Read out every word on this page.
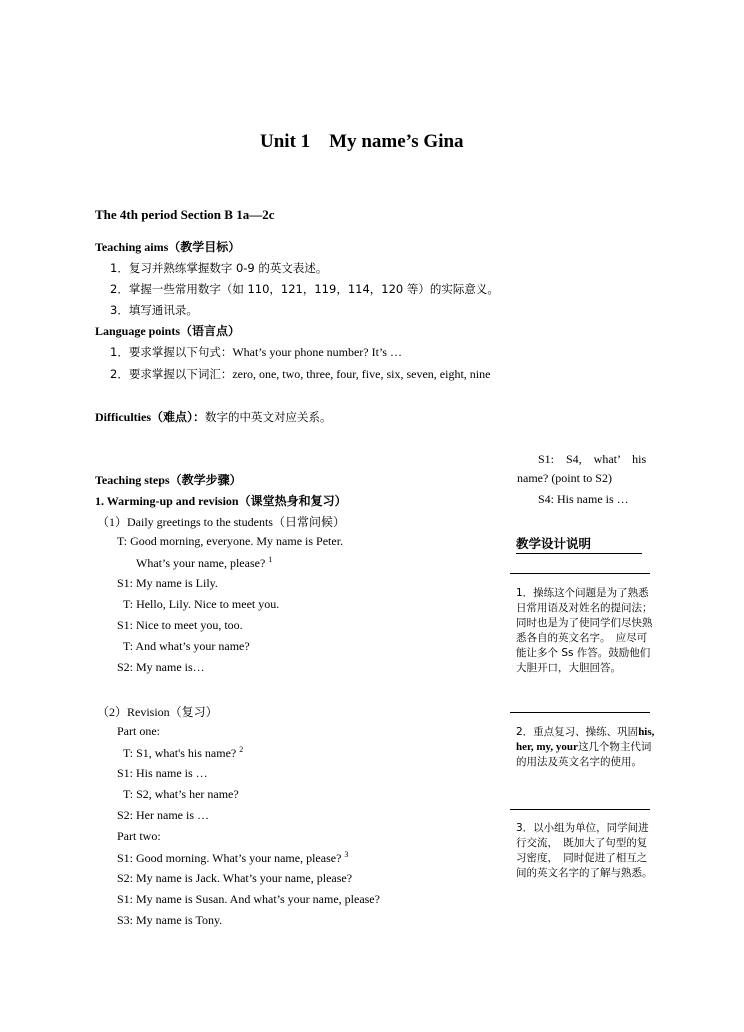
Unit 1　My name’s Gina
The 4th period Section B 1a—2c
Teaching aims（教学目标）
1．复习并熟练掌握数字 0-9 的英文表述。
2．掌握一些常用数字（如 110，121，119，114，120 等）的实际意义。
3．填写通讯录。
Language points（语言点）
1．要求掌握以下句式：What’s your phone number? It’s …
2．要求掌握以下词汇：zero, one, two, three, four, five, six, seven, eight, nine
Difficulties（难点）：数字的中英文对应关系。
S1:　S4,　what’　his
name? (point to S2)
S4: His name is …
Teaching steps（教学步骤）
1. Warming-up and revision（课堂热身和复习）
（1）Daily greetings to the students（日常问候）
T: Good morning, everyone. My name is Peter.
What’s your name, please? $^1$
S1: My name is Lily.
T: Hello, Lily. Nice to meet you.
S1: Nice to meet you, too.
T: And what’s your name?
S2: My name is…
（2）Revision（复习）
Part one:
T: S1, what's his name? $^2$
S1: His name is …
T: S2, what’s her name?
S2: Her name is …
Part two:
S1: Good morning. What’s your name, please? $^3$
S2: My name is Jack. What’s your name, please?
S1: My name is Susan. And what’s your name, please?
S3: My name is Tony.
教学设计说明
1．操练这个问题是为了熟悉日常用语及对姓名的提问法；　同时也是为了使同学们尽快熟悉各自的英文名字。　应尽可能让多个 Ss 作答。鼓励他们大胆开口，大胆回答。
2．重点复习、操练、巩固his, her, my, your这几个物主代词的用法及英文名字的使用。
3．以小组为单位，同学间进行交流，　既加大了句型的复习密度，　同时促进了相互之间的英文名字的了解与熟悉。
